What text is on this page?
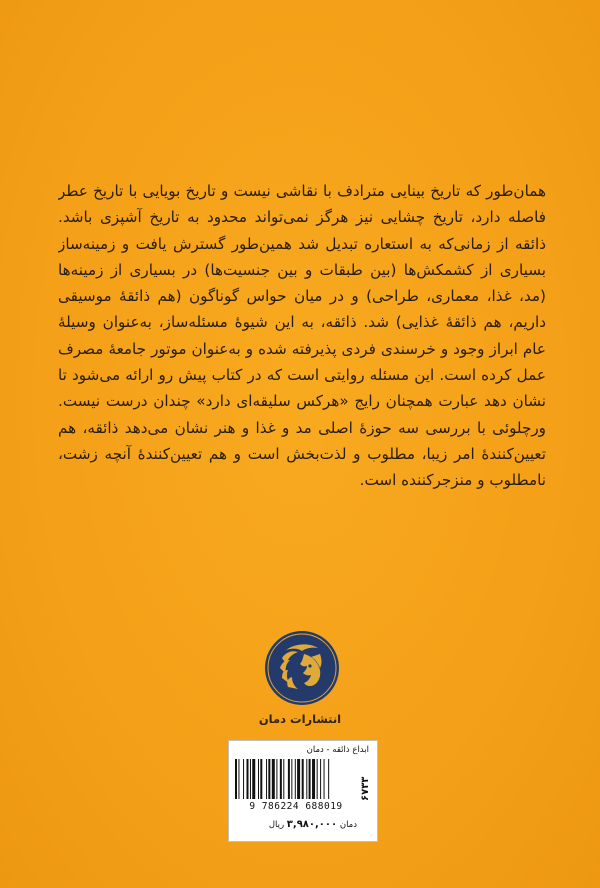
همان‌طور که تاریخ بینایی مترادف با نقاشی نیست و تاریخ بویایی با تاریخ عطر
فاصله دارد، تاریخ چشایی نیز هرگز نمی‌تواند محدود به تاریخ آشپزی باشد.
ذائقه از زمانی‌که به استعاره تبدیل شد همین‌طور گسترش یافت و زمینه‌ساز
بسیاری از کشمکش‌ها (بین طبقات و بین جنسیت‌ها) در بسیاری از زمینه‌ها
(مد، غذا، معماری، طراحی) و در میان حواس گوناگون (هم ذائقهٔ موسیقی
داریم، هم ذائقهٔ غذایی) شد. ذائقه، به این شیوهٔ مسئله‌ساز، به‌عنوان وسیلهٔ
عام ابراز وجود و خرسندی فردی پذیرفته شده و به‌عنوان موتور جامعهٔ مصرف
عمل کرده است. این مسئله روایتی است که در کتاب پیش رو ارائه می‌شود تا
نشان دهد عبارت همچنان رایج «هرکس سلیقه‌ای دارد» چندان درست نیست.
ورچلوئی با بررسی سه حوزهٔ اصلی مد و غذا و هنر نشان می‌دهد ذائقه، هم
تعیین‌کنندهٔ امر زیبا، مطلوب و لذت‌بخش است و هم تعیین‌کنندهٔ آنچه زشت،
نامطلوب و منزجرکننده است.
انتشارات دمان
ابداع ذائقه - دمان
۶۷۳۳
9 786224 688019
دمان ۳,۹۸۰,۰۰۰ ریال
